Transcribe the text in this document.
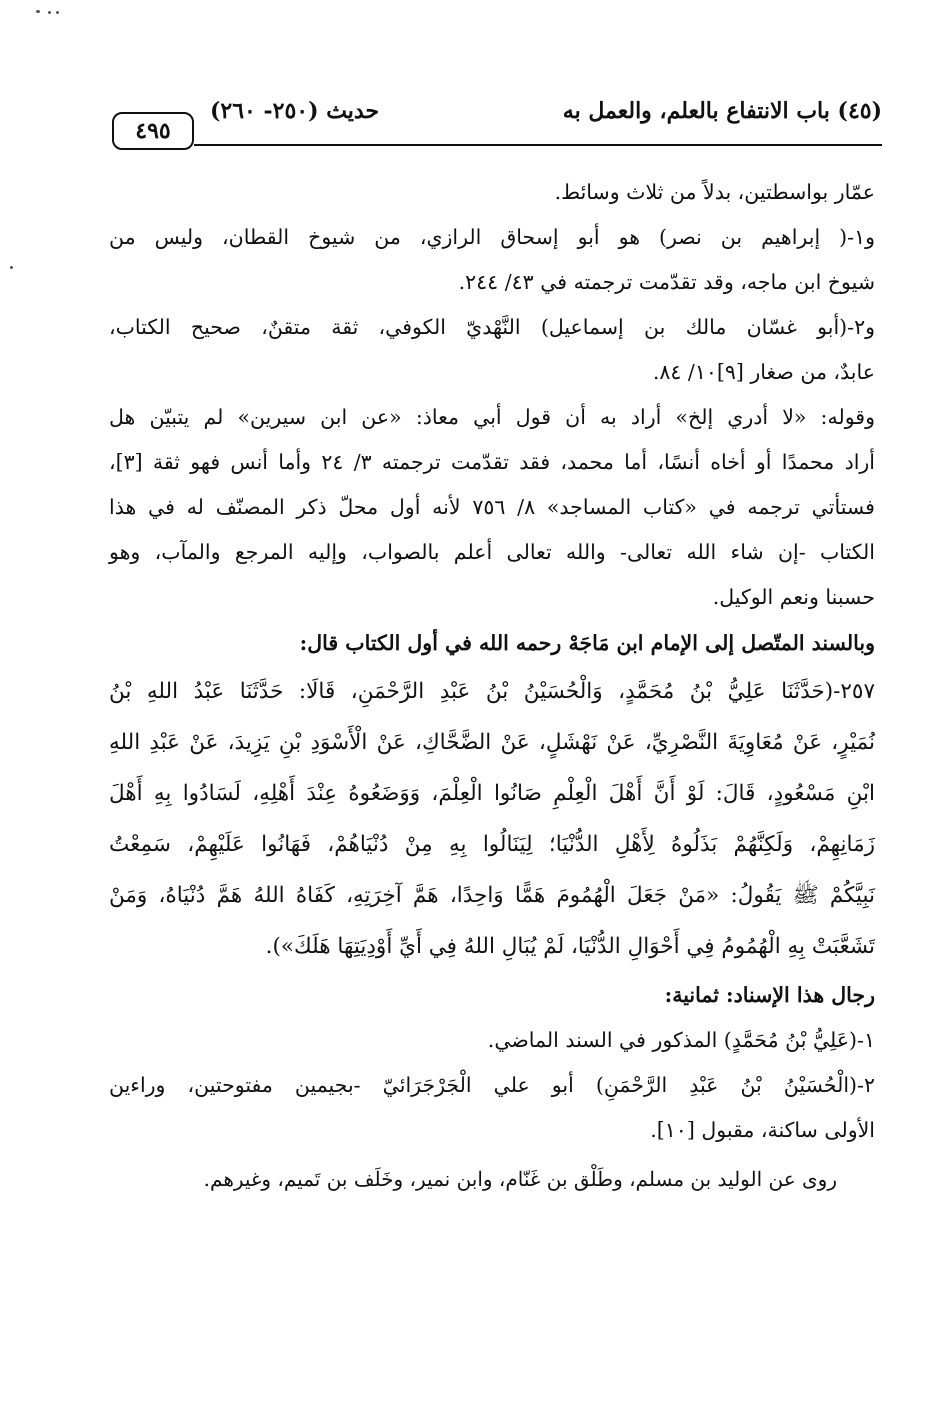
(٤٥) باب الانتفاع بالعلم، والعمل به
حديث (٢٥٠- ٢٦٠)
٤٩٥
عمّار بواسطتين، بدلاً من ثلاث وسائط.
و١-( إبراهيم بن نصر) هو أبو إسحاق الرازي، من شيوخ القطان، وليس من
شيوخ ابن ماجه، وقد تقدّمت ترجمته في ٤٣/ ٢٤٤.
و٢-(أبو غسّان مالك بن إسماعيل) النَّهْديّ الكوفي، ثقة متقنٌ، صحيح الكتاب،
عابدٌ، من صغار [٩]١٠/ ٨٤.
وقوله: «لا أدري إلخ» أراد به أن قول أبي معاذ: «عن ابن سيرين» لم يتبيّن هل
أراد محمدًا أو أخاه أنسًا، أما محمد، فقد تقدّمت ترجمته ٣/ ٢٤ وأما أنس فهو ثقة [٣]،
فستأتي ترجمه في «كتاب المساجد» ٨/ ٧٥٦ لأنه أول محلّ ذكر المصنّف له في هذا
الكتاب -إن شاء الله تعالى- والله تعالى أعلم بالصواب، وإليه المرجع والمآب، وهو
حسبنا ونعم الوكيل.
وبالسند المتّصل إلى الإمام ابن مَاجَهْ رحمه الله في أول الكتاب قال:
٢٥٧-(حَدَّثَنَا عَلِيُّ بْنُ مُحَمَّدٍ، وَالْحُسَيْنُ بْنُ عَبْدِ الرَّحْمَنِ، قَالَا: حَدَّثَنَا عَبْدُ اللهِ بْنُ
نُمَيْرٍ، عَنْ مُعَاوِيَةَ النَّصْرِيِّ، عَنْ نَهْشَلٍ، عَنْ الضَّحَّاكِ، عَنْ الْأَسْوَدِ بْنِ يَزِيدَ، عَنْ عَبْدِ اللهِ
ابْنِ مَسْعُودٍ، قَالَ: لَوْ أَنَّ أَهْلَ الْعِلْمِ صَانُوا الْعِلْمَ، وَوَضَعُوهُ عِنْدَ أَهْلِهِ، لَسَادُوا بِهِ أَهْلَ
زَمَانِهِمْ، وَلَكِنَّهُمْ بَذَلُوهُ لِأَهْلِ الدُّنْيَا؛ لِيَنَالُوا بِهِ مِنْ دُنْيَاهُمْ، فَهَانُوا عَلَيْهِمْ، سَمِعْتُ
نَبِيَّكُمْ ﷺ يَقُولُ: «مَنْ جَعَلَ الْهُمُومَ هَمًّا وَاحِدًا، هَمَّ آخِرَتِهِ، كَفَاهُ اللهُ هَمَّ دُنْيَاهُ، وَمَنْ
تَشَعَّبَتْ بِهِ الْهُمُومُ فِي أَحْوَالِ الدُّنْيَا، لَمْ يُبَالِ اللهُ فِي أَيِّ أَوْدِيَتِهَا هَلَكَ»).
رجال هذا الإسناد: ثمانية:
١-(عَلِيُّ بْنُ مُحَمَّدٍ) المذكور في السند الماضي.
٢-(الْحُسَيْنُ بْنُ عَبْدِ الرَّحْمَنِ) أبو علي الْجَرْجَرَائيّ -بجيمين مفتوحتين، وراءين
الأولى ساكنة، مقبول [١٠].
روى عن الوليد بن مسلم، وطَلْق بن غَنّام، وابن نمير، وخَلَف بن تَميم، وغيرهم.
